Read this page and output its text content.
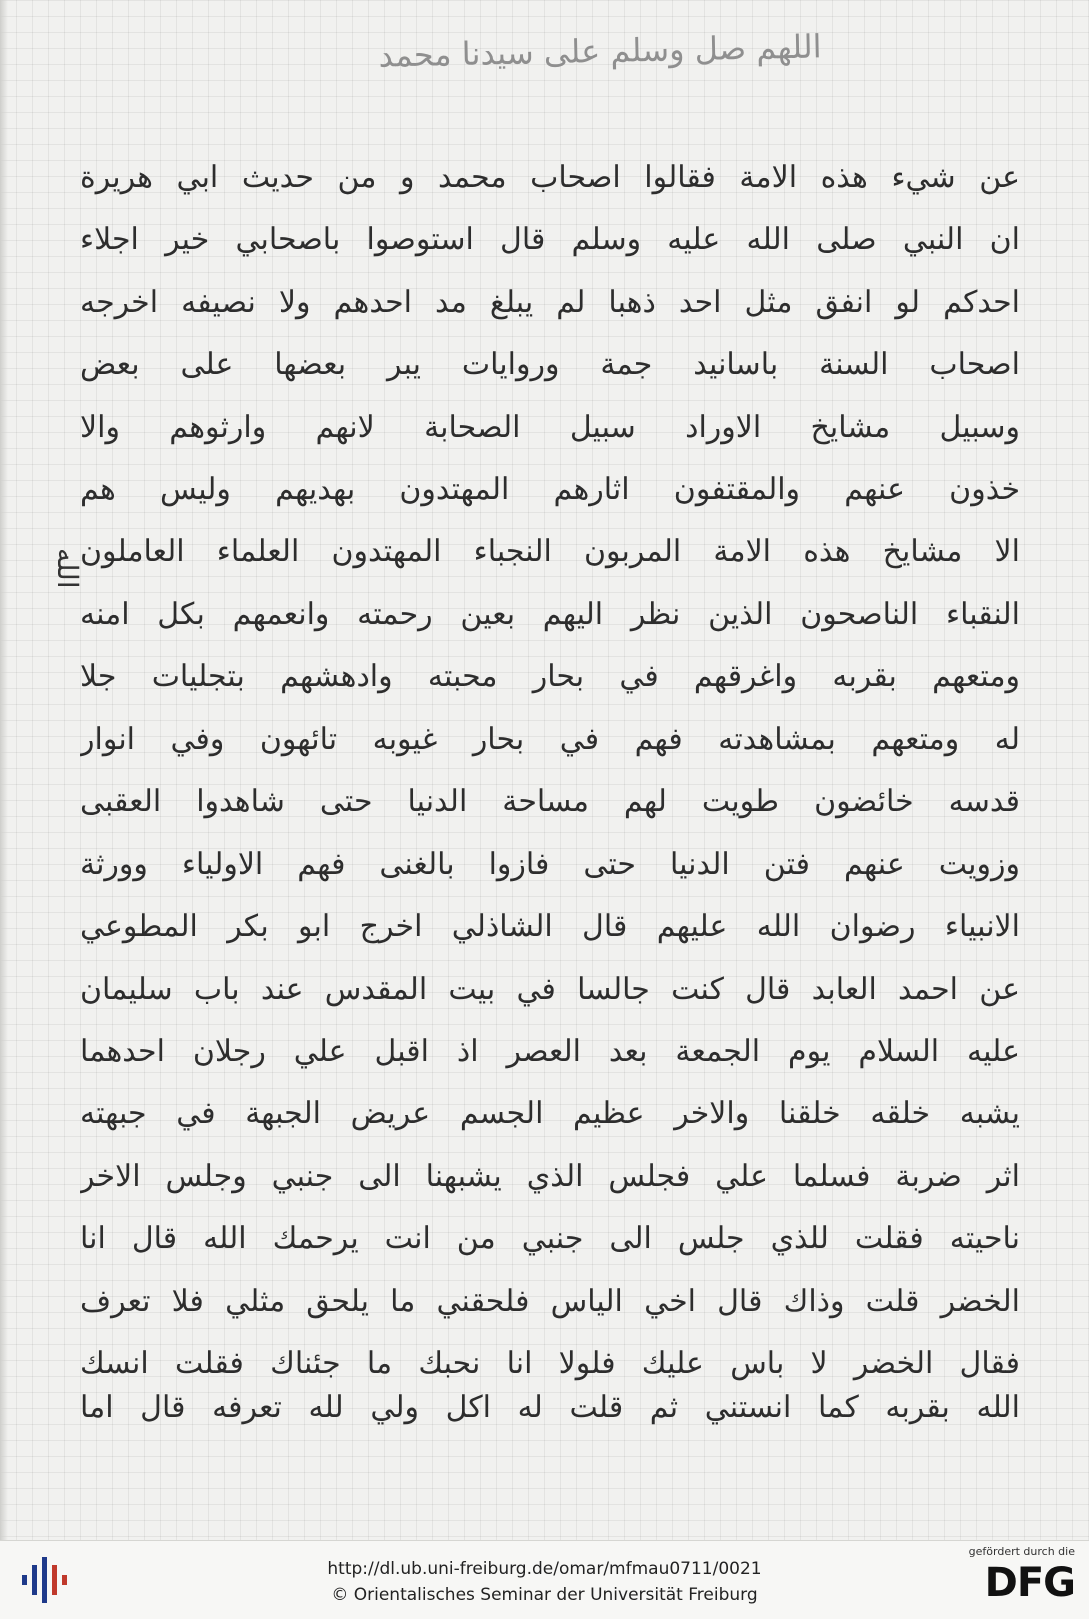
اللهم صل وسلم على سيدنا محمد
عن شيء هذه الامة فقالوا اصحاب محمد و من حديث ابي هريرة
ان النبي صلى الله عليه وسلم قال استوصوا باصحابي خير اجلاء
احدكم لو انفق مثل احد ذهبا لم يبلغ مد احدهم ولا نصيفه اخرجه
اصحاب السنة باسانيد جمة وروايات يبر بعضها على بعض
وسبيل مشايخ الاوراد سبيل الصحابة لانهم وارثوهم والا
خذون عنهم والمقتفون اثارهم المهتدون بهديهم وليس هم
الا مشايخ هذه الامة المربون النجباء المهتدون العلماء العاملون
النقباء الناصحون الذين نظر اليهم بعين رحمته وانعمهم بكل امنه
ومتعهم بقربه واغرقهم في بحار محبته وادهشهم بتجليات جلا
له ومتعهم بمشاهدته فهم في بحار غيوبه تائهون وفي انوار
قدسه خائضون طويت لهم مساحة الدنيا حتى شاهدوا العقبى
وزويت عنهم فتن الدنيا حتى فازوا بالغنى فهم الاولياء وورثة
الانبياء رضوان الله عليهم قال الشاذلي اخرج ابو بكر المطوعي
عن احمد العابد قال كنت جالسا في بيت المقدس عند باب سليمان
عليه السلام يوم الجمعة بعد العصر اذ اقبل علي رجلان احدهما
يشبه خلقه خلقنا والاخر عظيم الجسم عريض الجبهة في جبهته
اثر ضربة فسلما علي فجلس الذي يشبهنا الى جنبي وجلس الاخر
ناحيته فقلت للذي جلس الى جنبي من انت يرحمك الله قال انا
الخضر قلت وذاك قال اخي الياس فلحقني ما يلحق مثلي فلا تعرف
فقال الخضر لا باس عليك فلولا انا نحبك ما جئناك فقلت انسك
الله بقربه كما انستني ثم قلت له اكل ولي لله تعرفه قال اما
الله
http://dl.ub.uni-freiburg.de/omar/mfmau0711/0021
© Orientalisches Seminar der Universität Freiburg
gefördert durch die
DFG
